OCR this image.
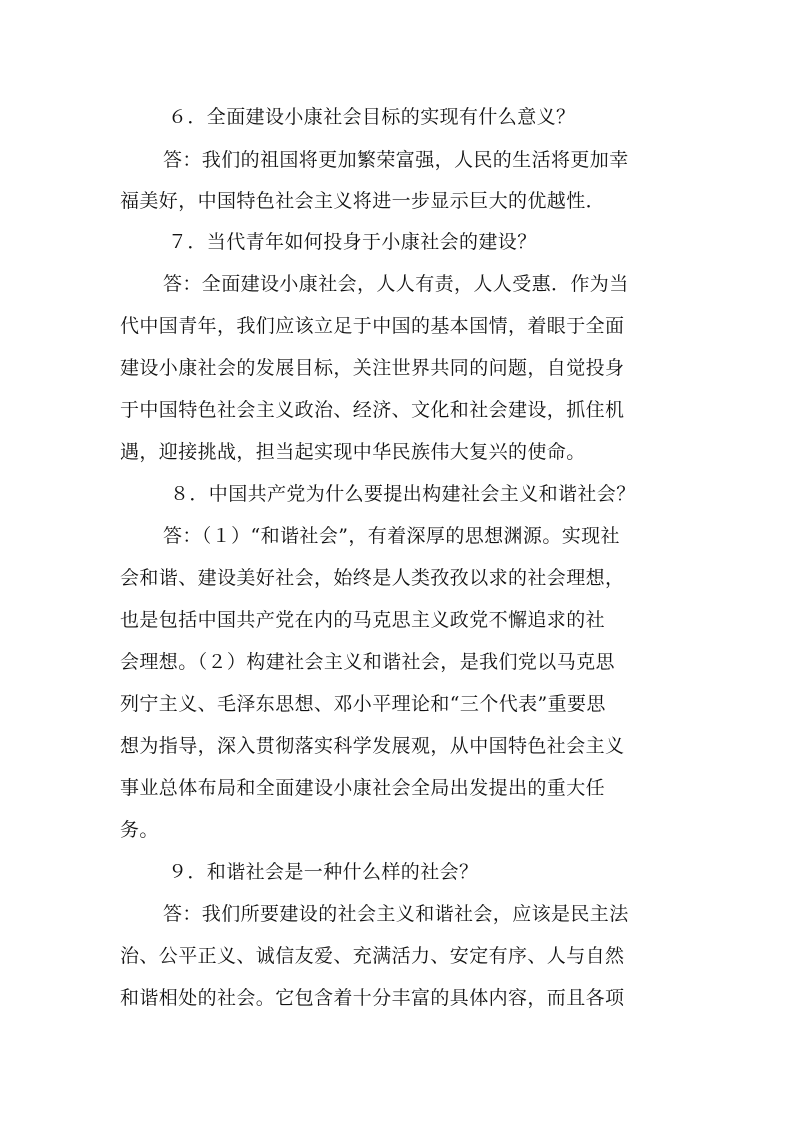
６．全面建设小康社会目标的实现有什么意义？
答：我们的祖国将更加繁荣富强，人民的生活将更加幸
福美好，中国特色社会主义将进一步显示巨大的优越性．
７．当代青年如何投身于小康社会的建设？
答：全面建设小康社会，人人有责，人人受惠．作为当
代中国青年，我们应该立足于中国的基本国情，着眼于全面
建设小康社会的发展目标，关注世界共同的问题，自觉投身
于中国特色社会主义政治、经济、文化和社会建设，抓住机
遇，迎接挑战，担当起实现中华民族伟大复兴的使命。
８．中国共产党为什么要提出构建社会主义和谐社会？
答：（１）“和谐社会”，有着深厚的思想渊源。实现社
会和谐、建设美好社会，始终是人类孜孜以求的社会理想，
也是包括中国共产党在内的马克思主义政党不懈追求的社
会理想。（２）构建社会主义和谐社会，是我们党以马克思
列宁主义、毛泽东思想、邓小平理论和“三个代表”重要思
想为指导，深入贯彻落实科学发展观，从中国特色社会主义
事业总体布局和全面建设小康社会全局出发提出的重大任
务。
９．和谐社会是一种什么样的社会？
答：我们所要建设的社会主义和谐社会，应该是民主法
治、公平正义、诚信友爱、充满活力、安定有序、人与自然
和谐相处的社会。它包含着十分丰富的具体内容，而且各项
